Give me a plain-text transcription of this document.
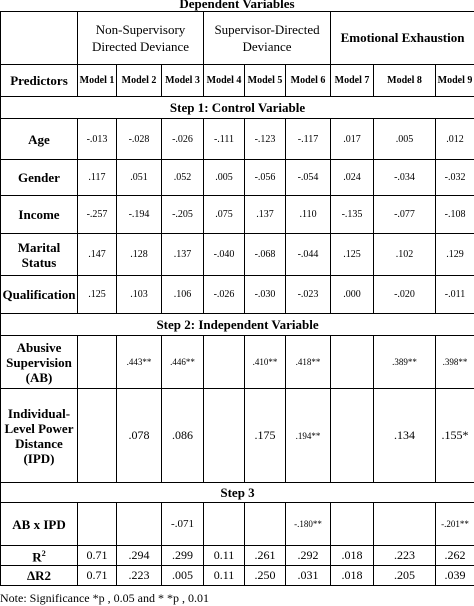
Dependent Variables
	Non-Supervisory Directed Deviance			Supervisor-Directed Deviance			Emotional Exhaustion		
Predictors	Model 1	Model 2	Model 3	Model 4	Model 5	Model 6	Model 7	Model 8	Model 9
Step 1: Control Variable									
Age	-.013	-.028	-.026	-.111	-.123	-.117	.017	.005	.012
Gender	.117	.051	.052	.005	-.056	-.054	.024	-.034	-.032
Income	-.257	-.194	-.205	.075	.137	.110	-.135	-.077	-.108
Marital Status	.147	.128	.137	-.040	-.068	-.044	.125	.102	.129
Qualification	.125	.103	.106	-.026	-.030	-.023	.000	-.020	-.011
Step 2: Independent Variable									
Abusive Supervision (AB)		.443**	.446**		.410**	.418**		.389**	.398**
Individual-Level Power Distance (IPD)		.078	.086		.175	.194**		.134	.155*
Step 3									
AB x IPD			-.071			-.180**			-.201**
$R^2$	0.71	.294	.299	0.11	.261	.292	.018	.223	.262
ΔR2	0.71	.223	.005	0.11	.250	.031	.018	.205	.039
Note: Significance *p , 0.05 and * *p , 0.01
